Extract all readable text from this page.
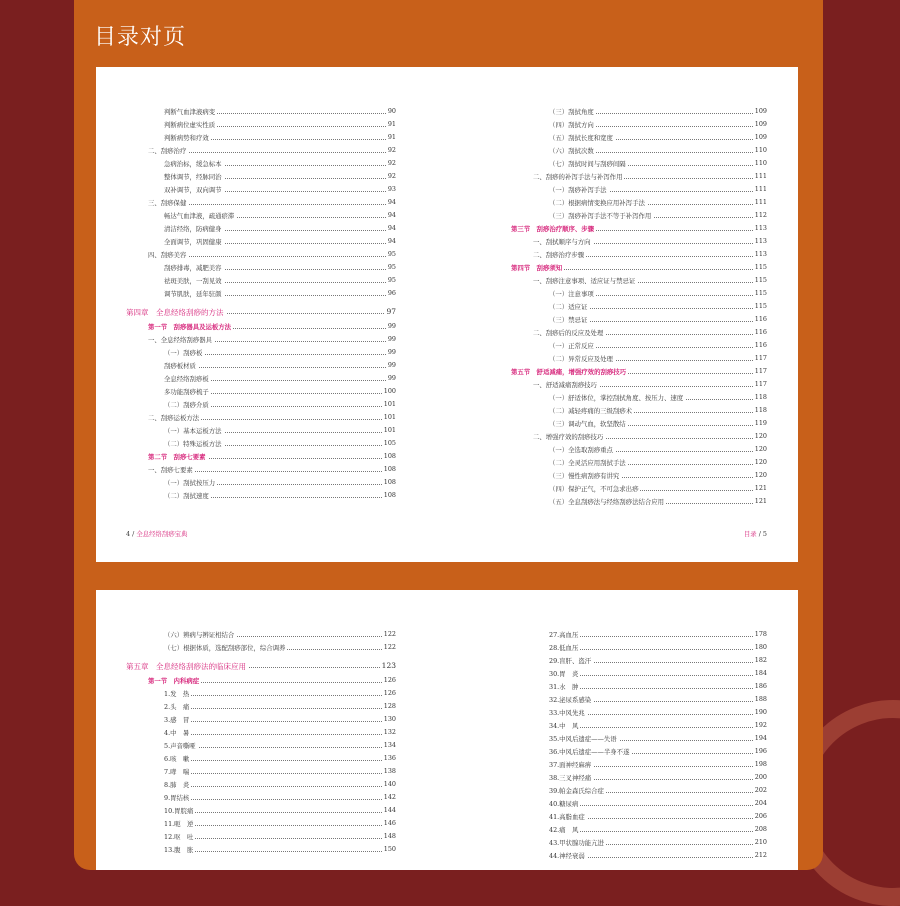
目录对页
判断气血津液病变	90
判断病位虚实性质	91
判断病势和疗效	91
二、刮痧治疗	92
急病治标，缓急标本	92
整体调节，经脉同治	92
双补调节，双向调节	93
三、刮痧保健	94
畅达气血津液，疏通瘀滞	94
清洁经络，防病健身	94
全面调节，巩固健康	94
四、刮痧美容	95
刮痧排毒，减肥美容	95
祛斑美肤，一刮见效	95
调节肌肤，延年驻颜	96
第四章　全息经络刮痧的方法	97
第一节　刮痧器具及运板方法	99
一、全息经络刮痧器具	99
（一）刮痧板	99
刮痧板材质	99
全息经络刮痧板	99
多功能刮痧梳子	100
（二）刮痧介质	101
二、刮痧运板方法	101
（一）基本运板方法	101
（二）特殊运板方法	105
第二节　刮痧七要素	108
一、刮痧七要素	108
（一）刮拭按压力	108
（二）刮拭速度	108
（三）刮拭角度	109
（四）刮拭方向	109
（五）刮拭长度和宽度	109
（六）刮拭次数	110
（七）刮拭时间与刮痧间隔	110
二、刮痧的补泻手法与补泻作用	111
（一）刮痧补泻手法	111
（二）根据病情变换应用补泻手法	111
（三）刮痧补泻手法不等于补泻作用	112
第三节　刮痧治疗顺序、步骤	113
一、刮拭顺序与方向	113
二、刮痧治疗步骤	113
第四节　刮痧须知	115
一、刮痧注意事项、适应证与禁忌证	115
（一）注意事项	115
（二）适应证	115
（三）禁忌证	116
二、刮痧后的反应及处理	116
（一）正常反应	116
（二）异常反应及处理	117
第五节　舒适减痛，增强疗效的刮痧技巧	117
一、舒适减痛刮痧技巧	117
（一）舒适体位，掌控刮拭角度、按压力、速度	118
（二）减轻疼痛的三级刮痧术	118
（三）调动气血，软坚散结	119
二、增强疗效的刮痧技巧	120
（一）全选取刮痧重点	120
（二）全灵活应用刮拭手法	120
（三）慢性病刮痧有讲究	120
（四）保护正气，不可急求出痧	121
（五）全息刮痧法与经络刮痧法结合应用	121
4 / 全息经络刮痧宝典	目录 / 5
（六）辨病与辨证相结合	122
（七）根据体质，选配刮痧部位，综合调养	122
第五章　全息经络刮痧法的临床应用	123
第一节　内科病症	126
1.发　热	126
2.头　痛	128
3.感　冒	130
4.中　暑	132
5.声音嘶哑	134
6.咳　嗽	136
7.哮　喘	138
8.肺　炎	140
9.胃结核	142
10.胃脘痛	144
11.呃　逆	146
12.呕　吐	148
13.腹　胀	150
27.高血压	178
28.低血压	180
29.盲肝、盗汗	182
30.胃　炎	184
31.水　肿	186
32.泌尿系感染	188
33.中风先兆	190
34.中　风	192
35.中风后遗症——失语	194
36.中风后遗症——半身不遂	196
37.面神经麻痹	198
38.三叉神经痛	200
39.帕金森氏综合症	202
40.糖尿病	204
41.高脂血症	206
42.痛　风	208
43.甲状腺功能亢进	210
44.神经衰弱	212
